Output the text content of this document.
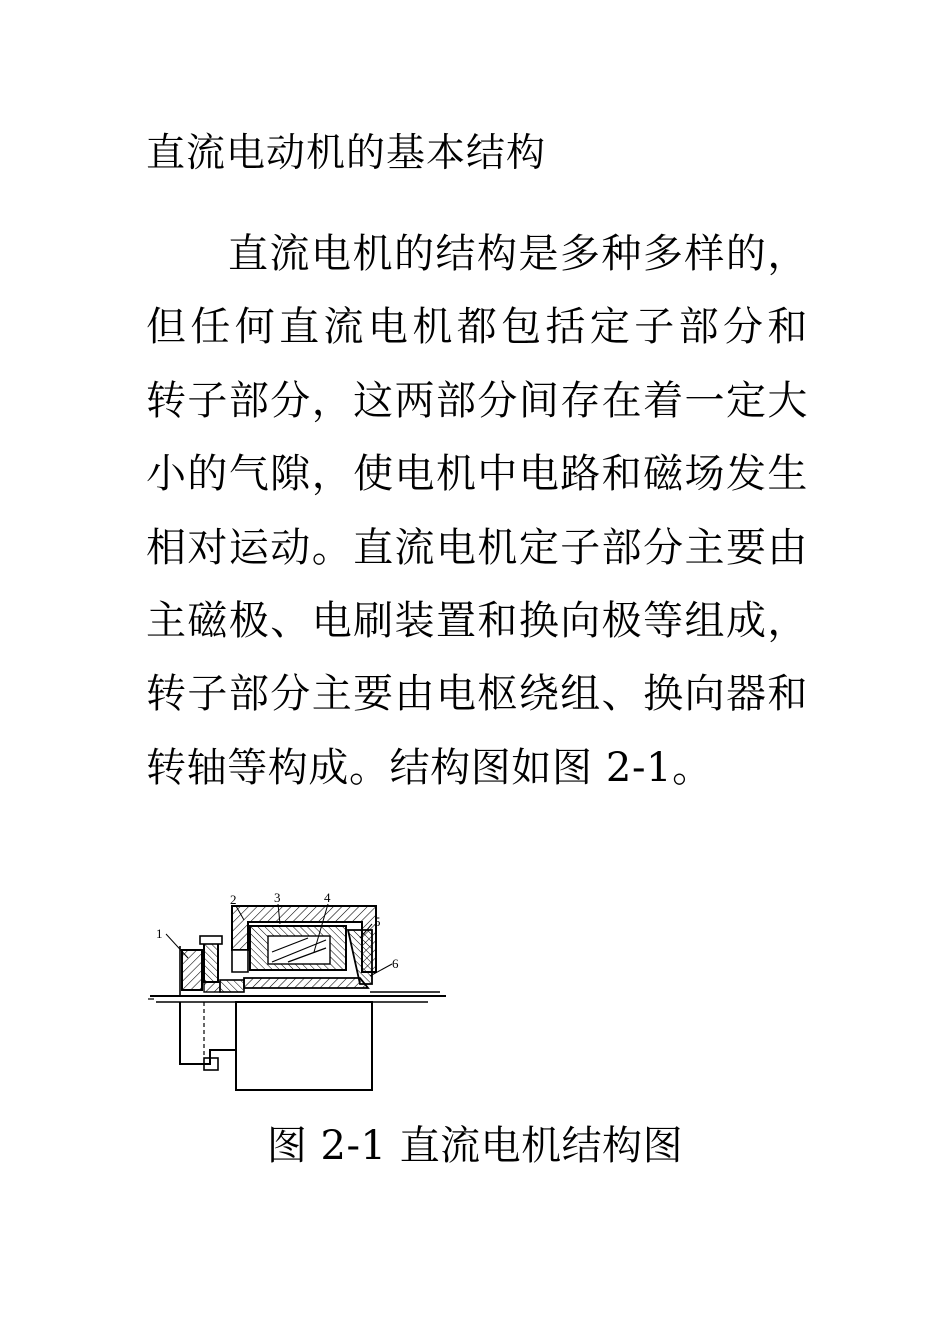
直流电动机的基本结构
直流电机的结构是多种多样的，
但任何直流电机都包括定子部分和
转子部分，这两部分间存在着一定大
小的气隙，使电机中电路和磁场发生
相对运动。直流电机定子部分主要由
主磁极、电刷装置和换向极等组成，
转子部分主要由电枢绕组、换向器和
转轴等构成。结构图如图 2-1。
1
2	3	4
5
6
图 2-1 直流电机结构图
